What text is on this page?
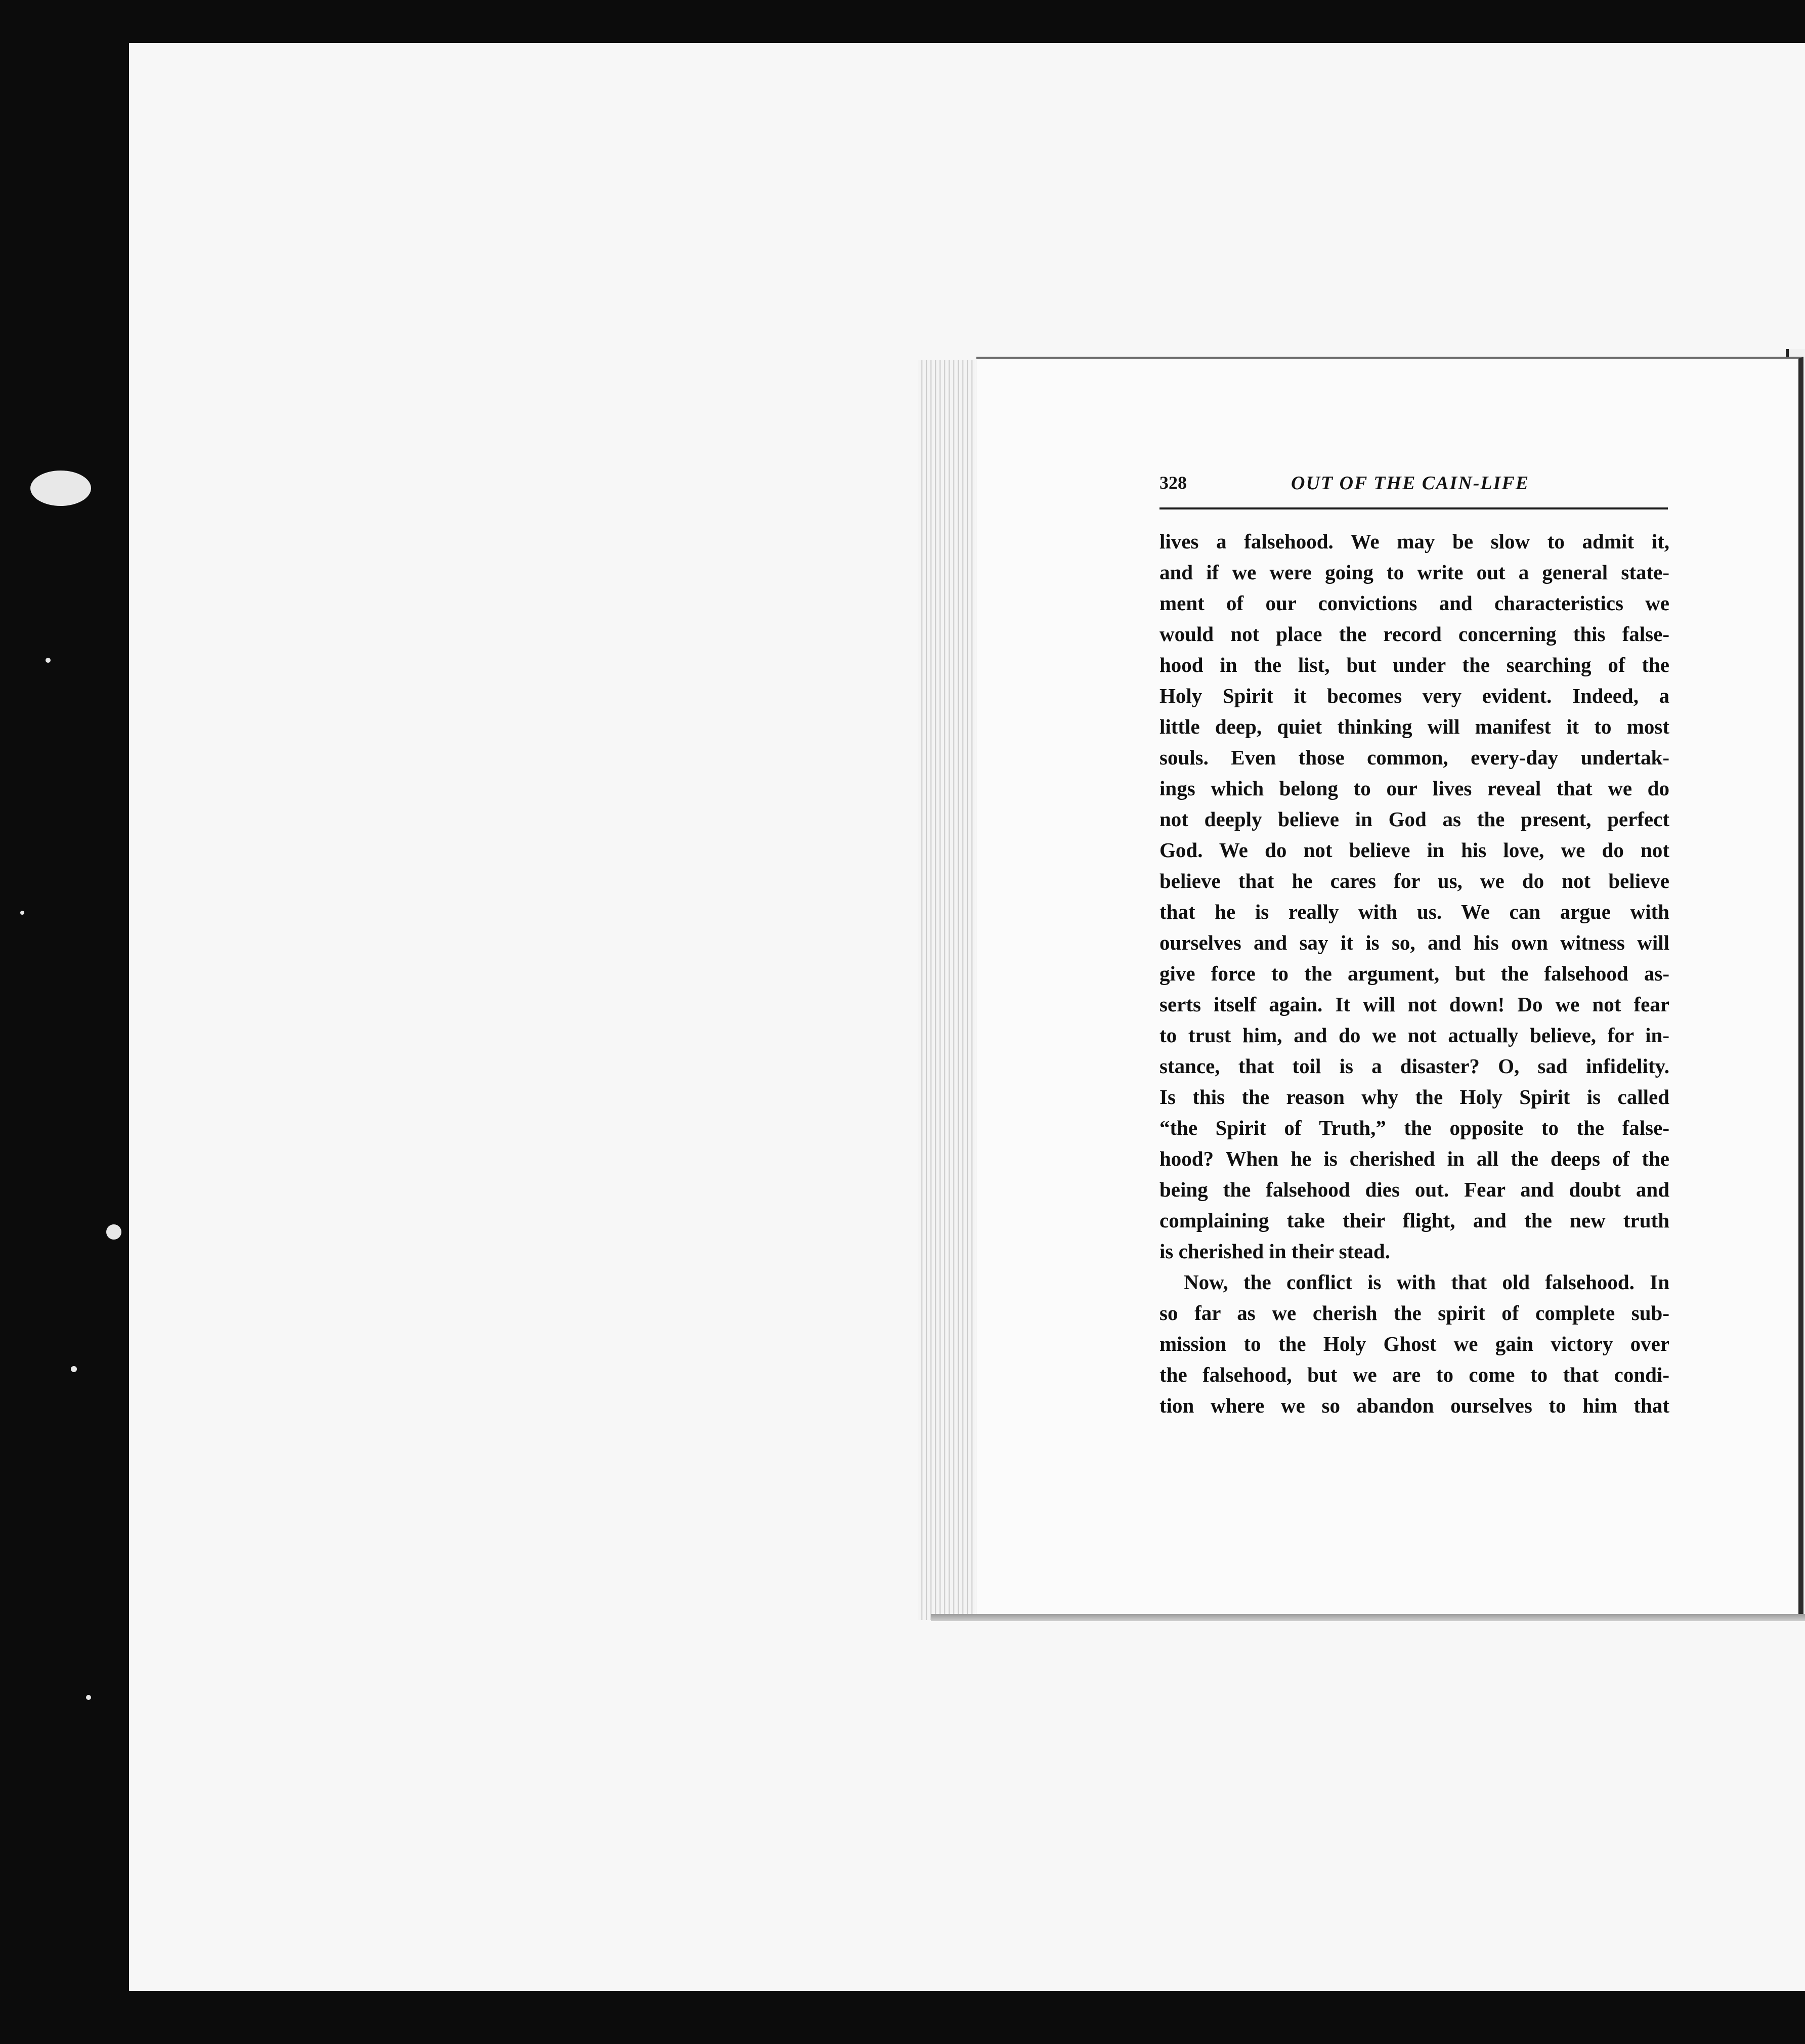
328	OUT OF THE CAIN-LIFE
lives a falsehood. We may be slow to admit it,
and if we were going to write out a general state-
ment of our convictions and characteristics we
would not place the record concerning this false-
hood in the list, but under the searching of the
Holy Spirit it becomes very evident. Indeed, a
little deep, quiet thinking will manifest it to most
souls. Even those common, every-day undertak-
ings which belong to our lives reveal that we do
not deeply believe in God as the present, perfect
God. We do not believe in his love, we do not
believe that he cares for us, we do not believe
that he is really with us. We can argue with
ourselves and say it is so, and his own witness will
give force to the argument, but the falsehood as-
serts itself again. It will not down! Do we not fear
to trust him, and do we not actually believe, for in-
stance, that toil is a disaster? O, sad infidelity.
Is this the reason why the Holy Spirit is called
“the Spirit of Truth,” the opposite to the false-
hood? When he is cherished in all the deeps of the
being the falsehood dies out. Fear and doubt and
complaining take their flight, and the new truth
is cherished in their stead.
Now, the conflict is with that old falsehood. In
so far as we cherish the spirit of complete sub-
mission to the Holy Ghost we gain victory over
the falsehood, but we are to come to that condi-
tion where we so abandon ourselves to him that
